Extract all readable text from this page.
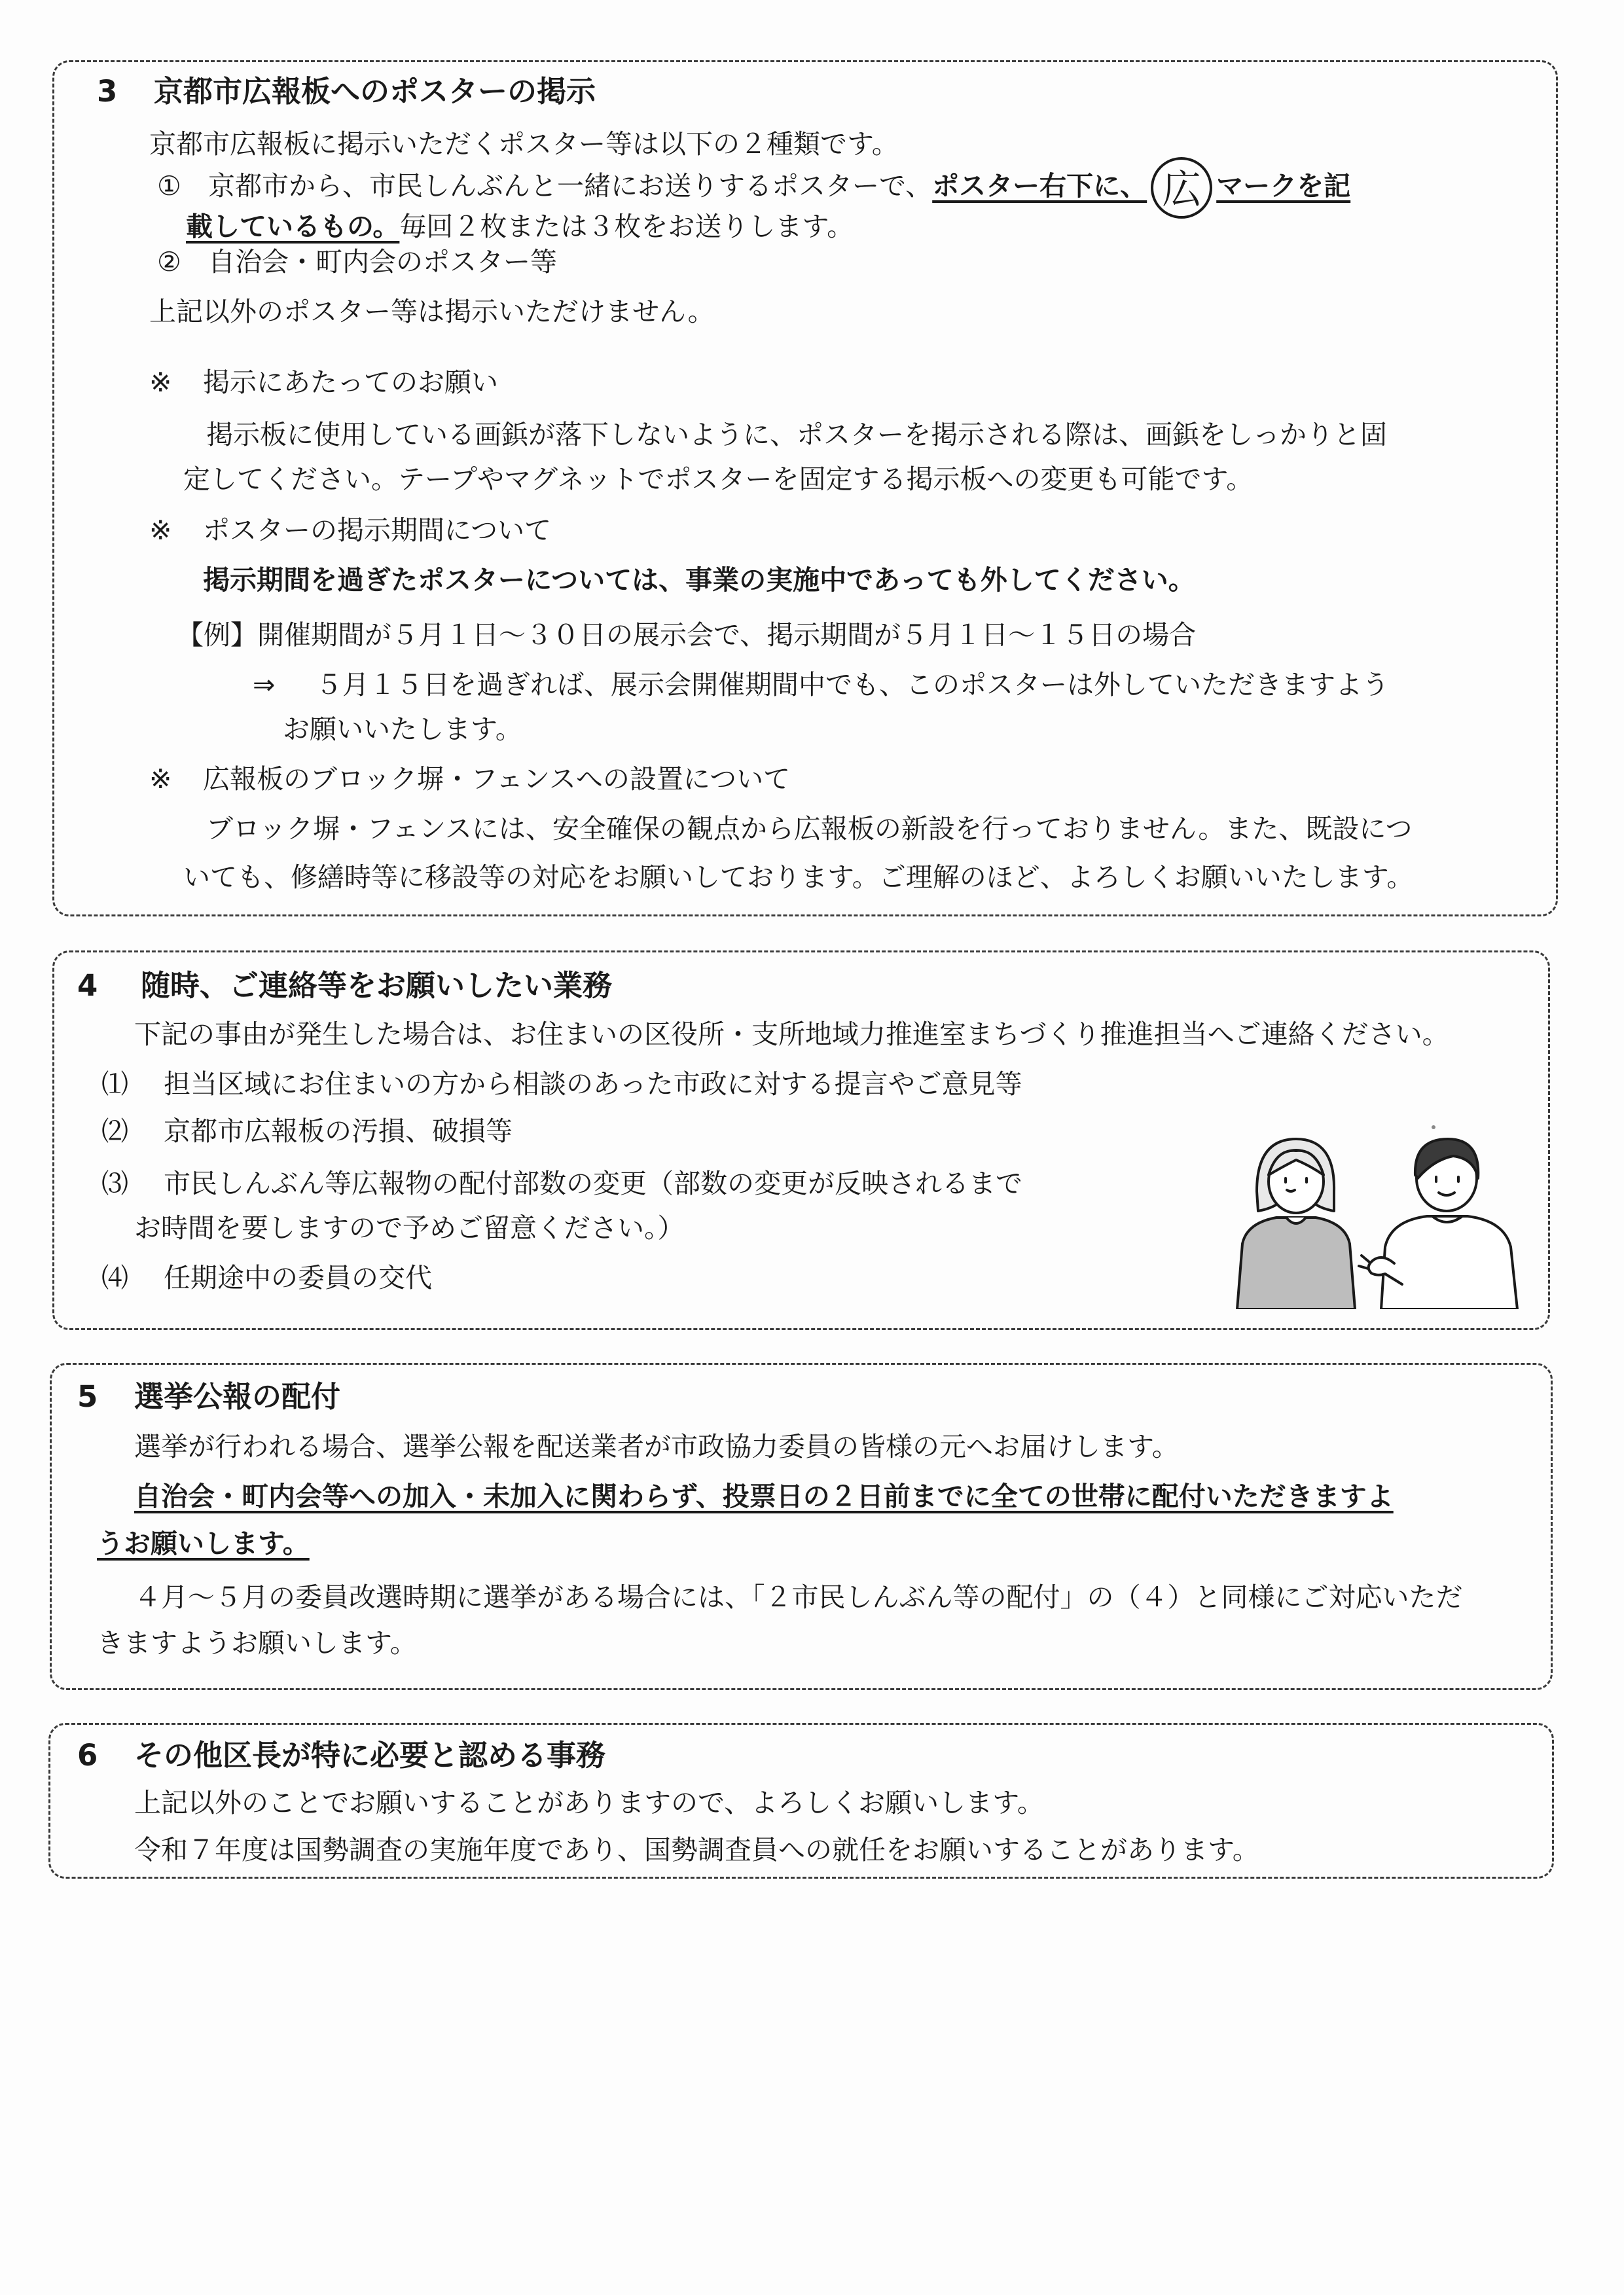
3 京都市広報板へのポスターの掲示
京都市広報板に掲示いただくポスター等は以下の２種類です。
① 京都市から、市民しんぶんと一緒にお送りするポスターで、ポスター右下に、 広 マークを記
載しているもの。毎回２枚または３枚をお送りします。
② 自治会・町内会のポスター等
上記以外のポスター等は掲示いただけません。
※ 掲示にあたってのお願い
掲示板に使用している画鋲が落下しないように、ポスターを掲示される際は、画鋲をしっかりと固
定してください。テープやマグネットでポスターを固定する掲示板への変更も可能です。
※ ポスターの掲示期間について
掲示期間を過ぎたポスターについては、事業の実施中であっても外してください。
【例】開催期間が５月１日～３０日の展示会で、掲示期間が５月１日～１５日の場合
⇒ ５月１５日を過ぎれば、展示会開催期間中でも、このポスターは外していただきますよう
お願いいたします。
※ 広報板のブロック塀・フェンスへの設置について
ブロック塀・フェンスには、安全確保の観点から広報板の新設を行っておりません。また、既設につ
いても、修繕時等に移設等の対応をお願いしております。ご理解のほど、よろしくお願いいたします。
4 随時、ご連絡等をお願いしたい業務
下記の事由が発生した場合は、お住まいの区役所・支所地域力推進室まちづくり推進担当へご連絡ください。
⑴ 担当区域にお住まいの方から相談のあった市政に対する提言やご意見等
⑵ 京都市広報板の汚損、破損等
⑶ 市民しんぶん等広報物の配付部数の変更（部数の変更が反映されるまで
お時間を要しますので予めご留意ください。）
⑷ 任期途中の委員の交代
5 選挙公報の配付
選挙が行われる場合、選挙公報を配送業者が市政協力委員の皆様の元へお届けします。
自治会・町内会等への加入・未加入に関わらず、投票日の２日前までに全ての世帯に配付いただきますよ
うお願いします。
４月～５月の委員改選時期に選挙がある場合には、「２市民しんぶん等の配付」の（４）と同様にご対応いただ
きますようお願いします。
6 その他区長が特に必要と認める事務
上記以外のことでお願いすることがありますので、よろしくお願いします。
令和７年度は国勢調査の実施年度であり、国勢調査員への就任をお願いすることがあります。
